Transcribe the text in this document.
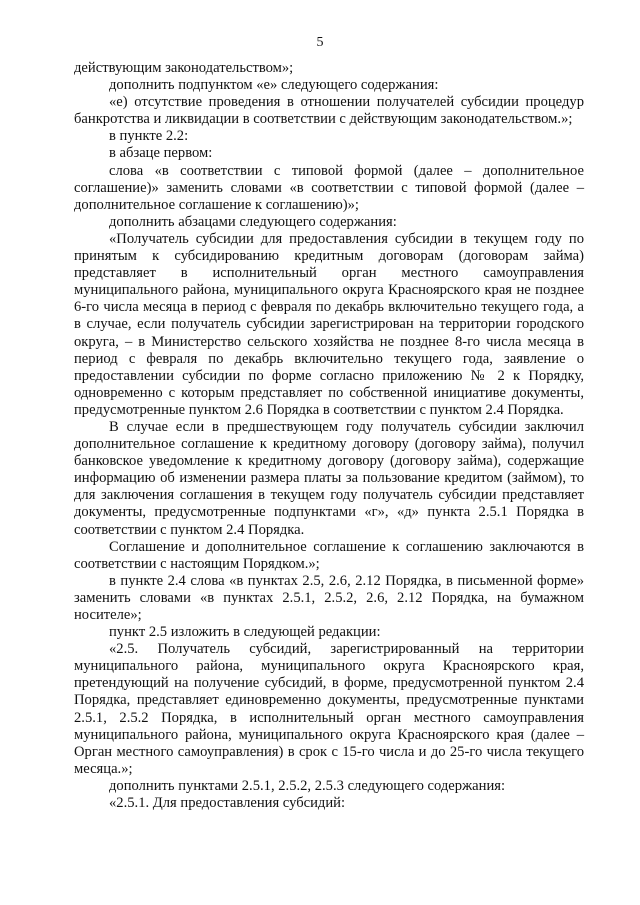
5

действующим законодательством»;

дополнить подпунктом «е» следующего содержания:

«е) отсутствие проведения в отношении получателей субсидии процедур банкротства и ликвидации в соответствии с действующим законодательством.»;

в пункте 2.2:

в абзаце первом:

слова «в соответствии с типовой формой (далее – дополнительное соглашение)» заменить словами «в соответствии с типовой формой (далее – дополнительное соглашение к соглашению)»;

дополнить абзацами следующего содержания:

«Получатель субсидии для предоставления субсидии в текущем году по принятым к субсидированию кредитным договорам (договорам займа) представляет в исполнительный орган местного самоуправления муниципального района, муниципального округа Красноярского края не позднее 6-го числа месяца в период с февраля по декабрь включительно текущего года, а в случае, если получатель субсидии зарегистрирован на территории городского округа, – в Министерство сельского хозяйства не позднее 8-го числа месяца в период с февраля по декабрь включительно текущего года, заявление о предоставлении субсидии по форме согласно приложению № 2 к Порядку, одновременно с которым представляет по собственной инициативе документы, предусмотренные пунктом 2.6 Порядка в соответствии с пунктом 2.4 Порядка.

В случае если в предшествующем году получатель субсидии заключил дополнительное соглашение к кредитному договору (договору займа), получил банковское уведомление к кредитному договору (договору займа), содержащие информацию об изменении размера платы за пользование кредитом (займом), то для заключения соглашения в текущем году получатель субсидии представляет документы, предусмотренные подпунктами «г», «д» пункта 2.5.1 Порядка в соответствии с пунктом 2.4 Порядка.

Соглашение и дополнительное соглашение к соглашению заключаются в соответствии с настоящим Порядком.»;

в пункте 2.4 слова «в пунктах 2.5, 2.6, 2.12 Порядка, в письменной форме» заменить словами «в пунктах 2.5.1, 2.5.2, 2.6, 2.12 Порядка, на бумажном носителе»;

пункт 2.5 изложить в следующей редакции:

«2.5. Получатель субсидий, зарегистрированный на территории муниципального района, муниципального округа Красноярского края, претендующий на получение субсидий, в форме, предусмотренной пунктом 2.4 Порядка, представляет единовременно документы, предусмотренные пунктами 2.5.1, 2.5.2 Порядка, в исполнительный орган местного самоуправления муниципального района, муниципального округа Красноярского края (далее – Орган местного самоуправления) в срок с 15-го числа и до 25-го числа текущего месяца.»;

дополнить пунктами 2.5.1, 2.5.2, 2.5.3 следующего содержания:

«2.5.1. Для предоставления субсидий:
